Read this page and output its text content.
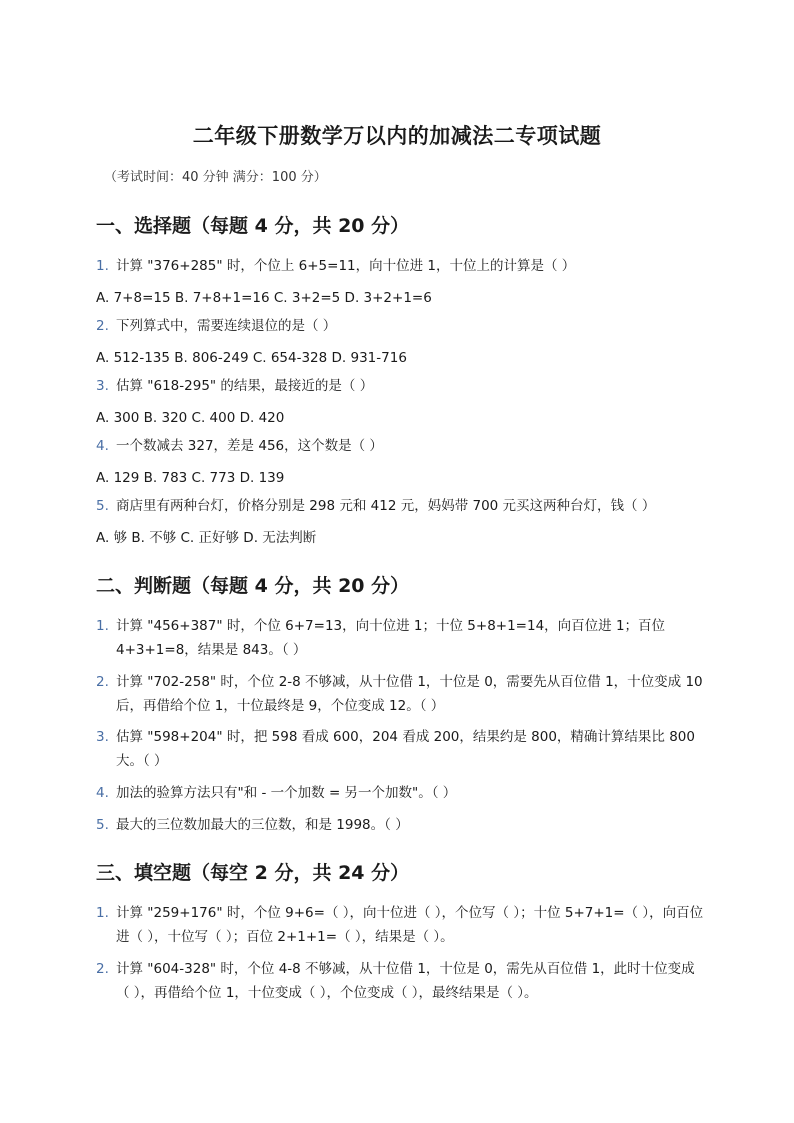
二年级下册数学万以内的加减法二专项试题
（考试时间：40 分钟 满分：100 分）
一、选择题（每题 4 分，共 20 分）
1. 计算 "376+285" 时，个位上 6+5=11，向十位进 1，十位上的计算是（ ）
A. 7+8=15 B. 7+8+1=16 C. 3+2=5 D. 3+2+1=6
2. 下列算式中，需要连续退位的是（ ）
A. 512-135 B. 806-249 C. 654-328 D. 931-716
3. 估算 "618-295" 的结果，最接近的是（ ）
A. 300 B. 320 C. 400 D. 420
4. 一个数减去 327，差是 456，这个数是（ ）
A. 129 B. 783 C. 773 D. 139
5. 商店里有两种台灯，价格分别是 298 元和 412 元，妈妈带 700 元买这两种台灯，钱（ ）
A. 够 B. 不够 C. 正好够 D. 无法判断
二、判断题（每题 4 分，共 20 分）
1. 计算 "456+387" 时，个位 6+7=13，向十位进 1；十位 5+8+1=14，向百位进 1；百位 4+3+1=8，结果是 843。（ ）
2. 计算 "702-258" 时，个位 2-8 不够减，从十位借 1，十位是 0，需要先从百位借 1，十位变成 10 后，再借给个位 1，十位最终是 9，个位变成 12。（ ）
3. 估算 "598+204" 时，把 598 看成 600，204 看成 200，结果约是 800，精确计算结果比 800 大。（ ）
4. 加法的验算方法只有"和 - 一个加数 = 另一个加数"。（ ）
5. 最大的三位数加最大的三位数，和是 1998。（ ）
三、填空题（每空 2 分，共 24 分）
1. 计算 "259+176" 时，个位 9+6=（ ），向十位进（ ），个位写（ ）；十位 5+7+1=（ ），向百位进（ ），十位写（ ）；百位 2+1+1=（ ），结果是（ ）。
2. 计算 "604-328" 时，个位 4-8 不够减，从十位借 1，十位是 0，需先从百位借 1，此时十位变成（ ），再借给个位 1，十位变成（ ），个位变成（ ），最终结果是（ ）。
